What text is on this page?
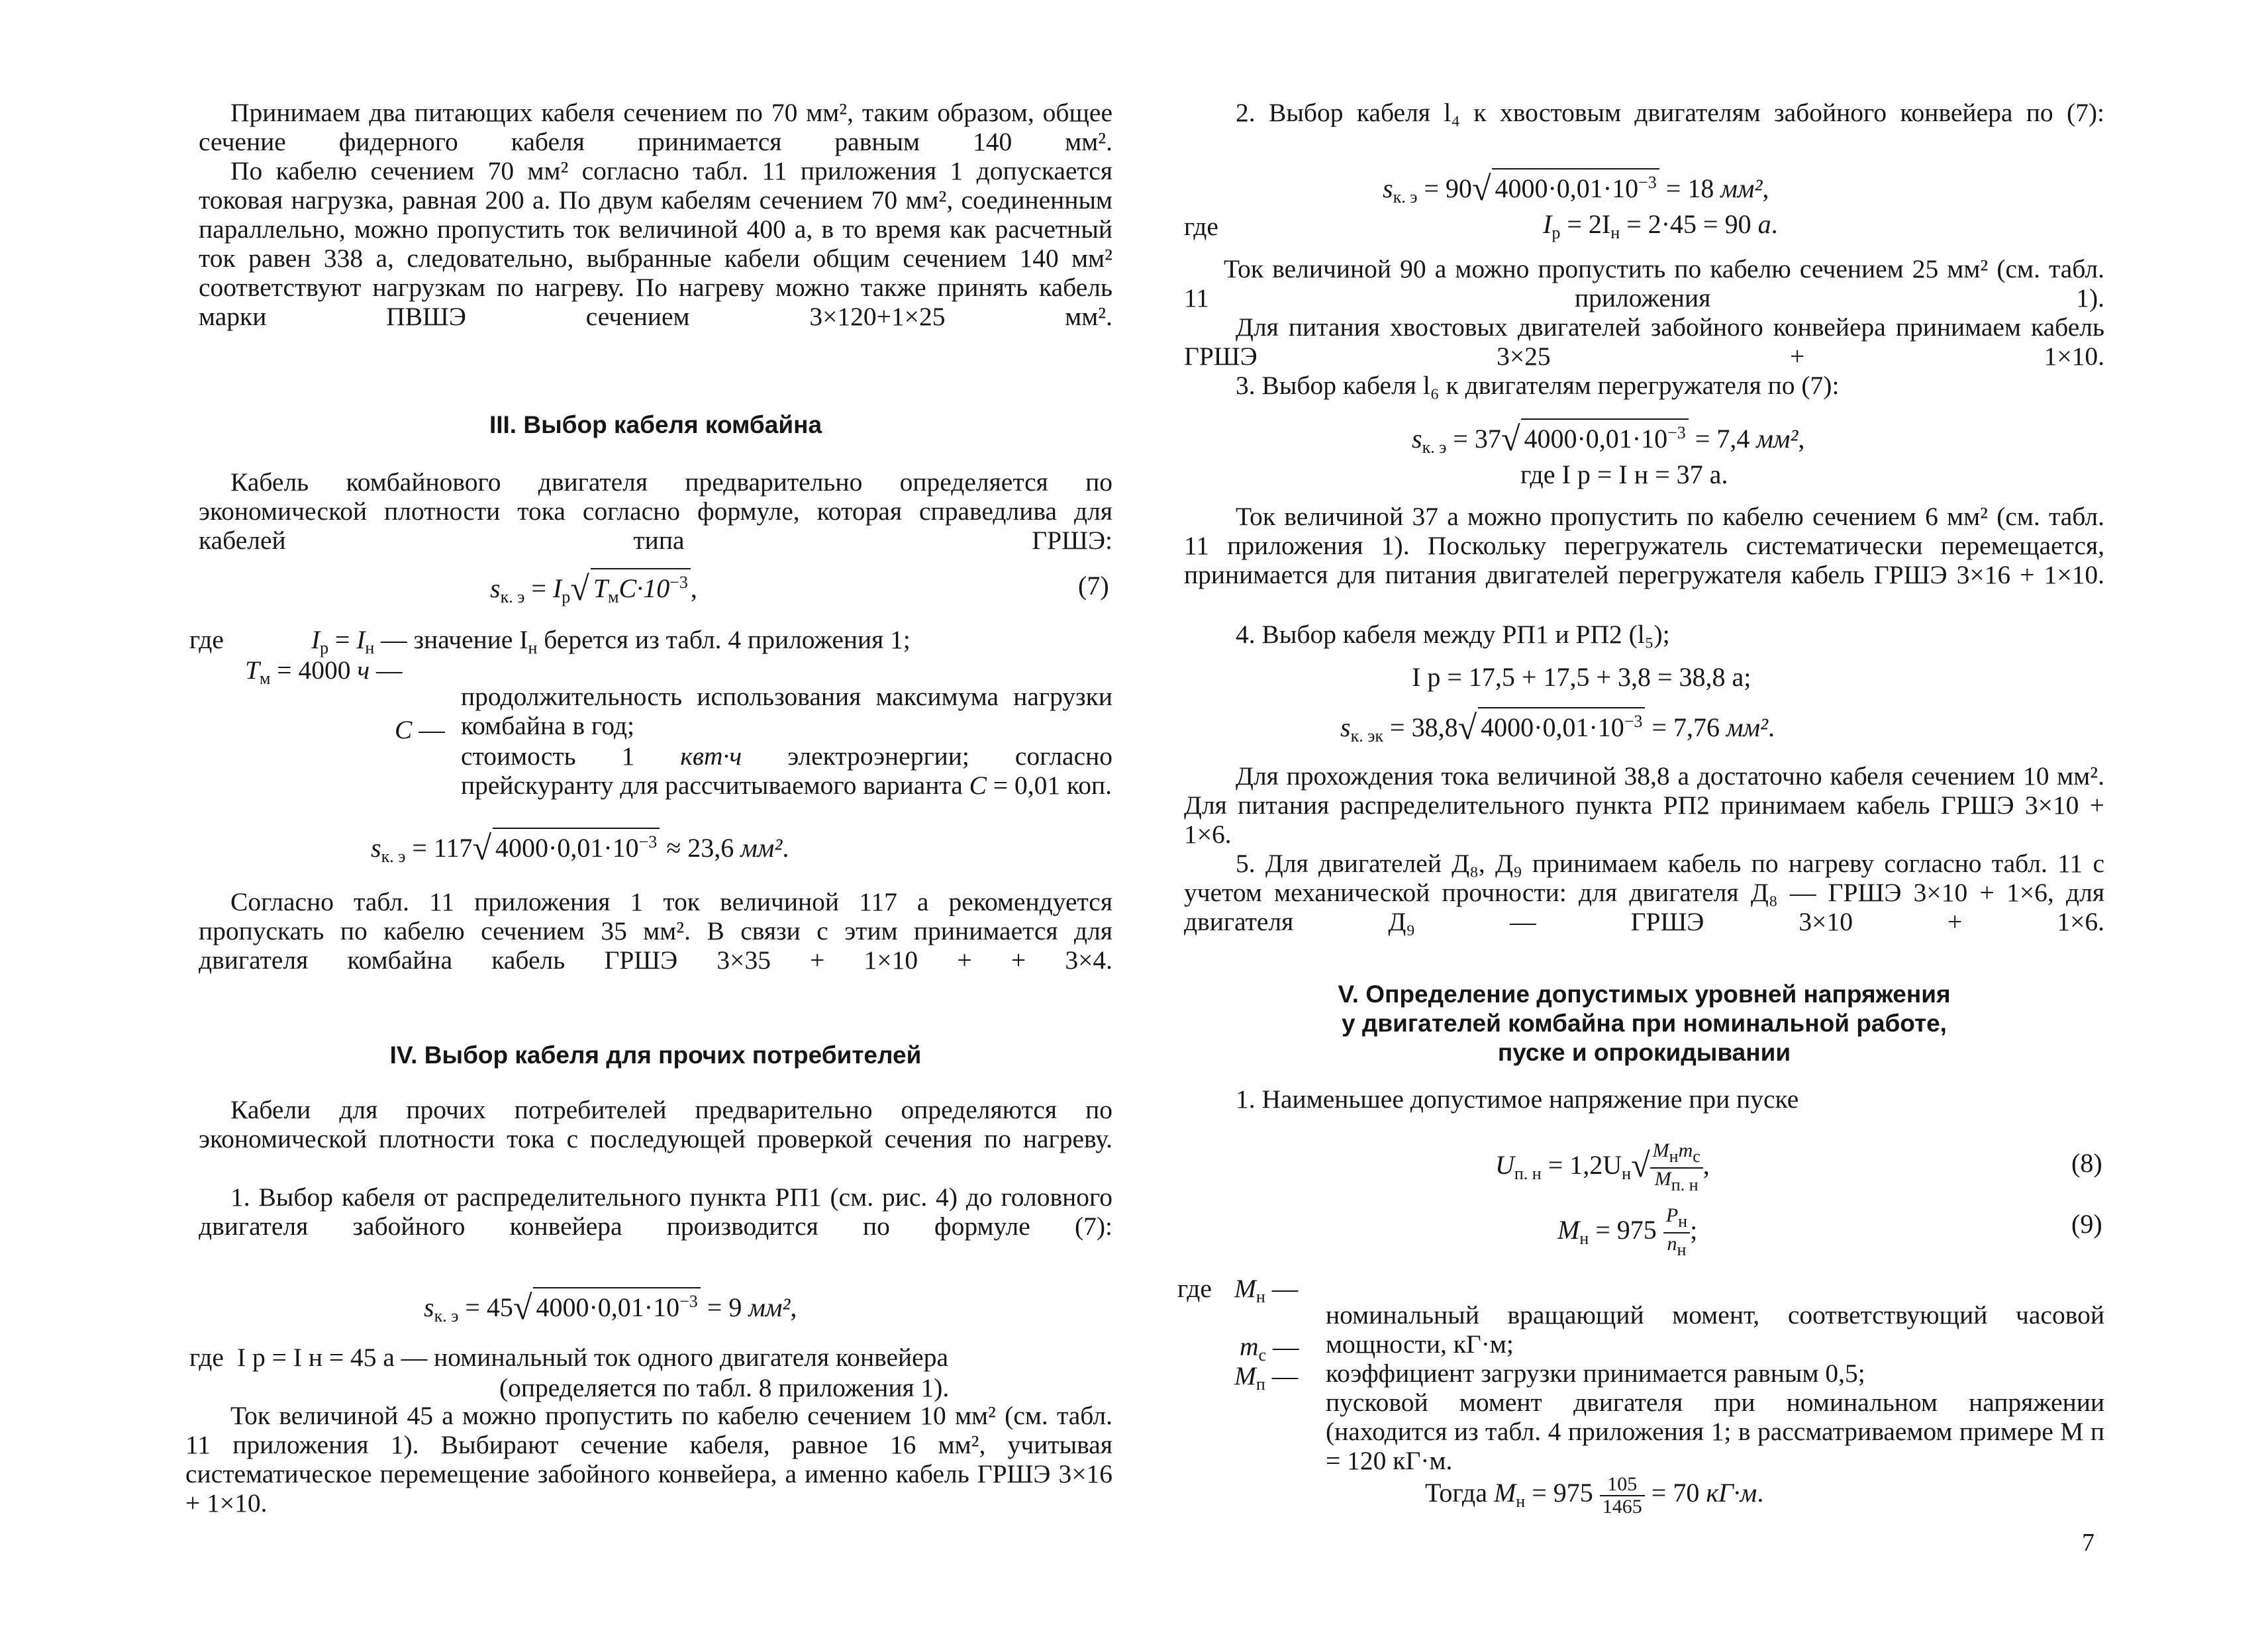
Принимаем два питающих кабеля сечением по 70 мм², таким образом, общее сечение фидерного кабеля принимается равным 140 мм².

По кабелю сечением 70 мм² согласно табл. 11 приложения 1 допускается токовая нагрузка, равная 200 а. По двум кабелям сечением 70 мм², соединенным параллельно, можно пропустить ток величиной 400 а, в то время как расчетный ток равен 338 а, следовательно, выбранные кабели общим сечением 140 мм² соответствуют нагрузкам по нагреву. По нагреву можно также принять кабель марки ПВШЭ сечением 3×120+1×25 мм².

III. Выбор кабеля комбайна

Кабель комбайнового двигателя предварительно определяется по экономической плотности тока согласно формуле, которая справедлива для кабелей типа ГРШЭ:

$s_{к. э} = I_р√$ $T_мC\cdot 10^{-3}$ ,	(7)
где	$I_р = I_н$ — значение $I_н$ берется из табл. 4 приложения 1;
$T_м = 4000$ ч —

продолжительность использования максимума нагрузки комбайна в год;

C —

стоимость 1 квт·ч электроэнергии; согласно прейскуранту для рассчитываемого варианта C = 0,01 коп.

$s_{к. э} = 117√$ $4000\cdot 0,01\cdot 10^{-3} \approx 23,6$ мм².

Согласно табл. 11 приложения 1 ток величиной 117 а рекомендуется пропускать по кабелю сечением 35 мм². В связи с этим принимается для двигателя комбайна кабель ГРШЭ 3×35 + 1×10 + + 3×4.

IV. Выбор кабеля для прочих потребителей

Кабели для прочих потребителей предварительно определяются по экономической плотности тока с последующей проверкой сечения по нагреву.

1. Выбор кабеля от распределительного пункта РП1 (см. рис. 4) до головного двигателя забойного конвейера производится по формуле (7):

$s_{к. э} = 45√$ $4000\cdot 0,01\cdot 10^{-3} = 9$ мм²,
где I р = I н = 45 а — номинальный ток одного двигателя конвейера
(определяется по табл. 8 приложения 1).

Ток величиной 45 а можно пропустить по кабелю сечением 10 мм² (см. табл. 11 приложения 1). Выбирают сечение кабеля, равное 16 мм², учитывая систематическое перемещение забойного конвейера, а именно кабель ГРШЭ 3×16 + 1×10.

2. Выбор кабеля l₄ к хвостовым двигателям забойного конвейера по (7):

$s_{к. э} = 90√$ $4000\cdot 0,01\cdot 10^{-3} = 18$ мм²,
где	$I_р = 2I_н = 2\cdot 45 = 90$ а.

Ток величиной 90 а можно пропустить по кабелю сечением 25 мм² (см. табл. 11 приложения 1).

Для питания хвостовых двигателей забойного конвейера принимаем кабель ГРШЭ 3×25 + 1×10.

3. Выбор кабеля l₆ к двигателям перегружателя по (7):

$s_{к. э} = 37√$ $4000\cdot 0,01\cdot 10^{-3} = 7,4$ мм²,
где I р = I н = 37 а.

Ток величиной 37 а можно пропустить по кабелю сечением 6 мм² (см. табл. 11 приложения 1). Поскольку перегружатель систематически перемещается, принимается для питания двигателей перегружателя кабель ГРШЭ 3×16 + 1×10.

4. Выбор кабеля между РП1 и РП2 (l₅);

I р = 17,5 + 17,5 + 3,8 = 38,8 а;
$s_{к. эк} = 38,8√$ $4000\cdot 0,01\cdot 10^{-3} = 7,76$ мм².

Для прохождения тока величиной 38,8 а достаточно кабеля сечением 10 мм². Для питания распределительного пункта РП2 принимаем кабель ГРШЭ 3×10 + 1×6.

5. Для двигателей Д₈, Д₉ принимаем кабель по нагреву согласно табл. 11 с учетом механической прочности: для двигателя Д₈ — ГРШЭ 3×10 + 1×6, для двигателя Д₉ — ГРШЭ 3×10 + 1×6.

V. Определение допустимых уровней напряжения

у двигателей комбайна при номинальной работе,

пуске и опрокидывании

1. Наименьшее допустимое напряжение при пуске

$U_{п. н} = 1,2U_н√ \frac{\text{Mнmс}}{Mп. н}$ ,	(8)
$M_н = 975 \frac{Pн}{nн}$ ;	(9)
где $M_н$ —

номинальный вращающий момент, соответствующий часовой мощности, кГ·м;

$m_с$ —

коэффициент загрузки принимается равным 0,5;

$M_п$ —

пусковой момент двигателя при номинальном напряжении (находится из табл. 4 приложения 1; в рассматриваемом примере M п = 120 кГ·м.

Тогда $M_н = 975 \frac{105}{1465} = 70$ кГ·м.
7
